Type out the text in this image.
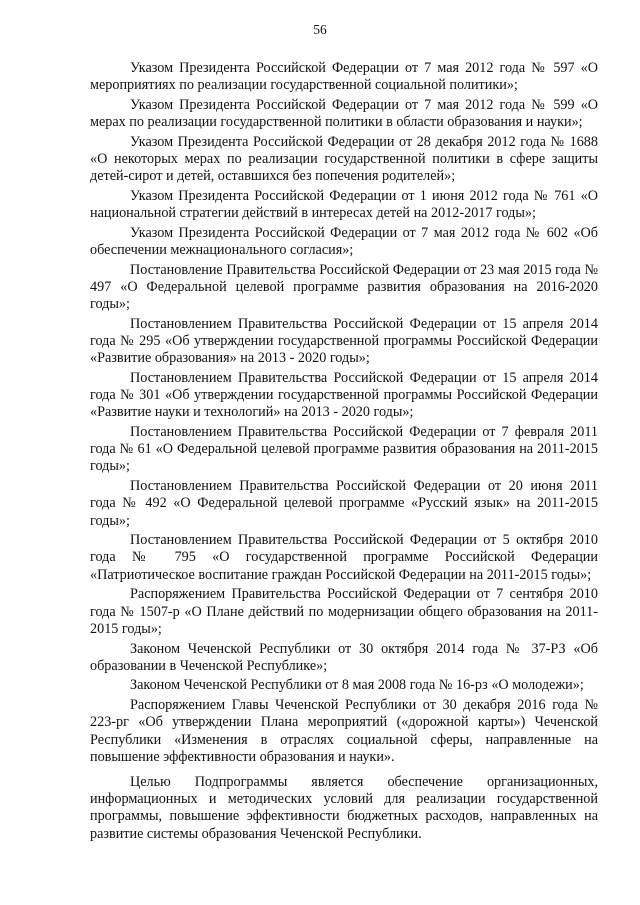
56

Указом Президента Российской Федерации от 7 мая 2012 года № 597 «О мероприятиях по реализации государственной социальной политики»;

Указом Президента Российской Федерации от 7 мая 2012 года № 599 «О мерах по реализации государственной политики в области образования и науки»;

Указом Президента Российской Федерации от 28 декабря 2012 года № 1688 «О некоторых мерах по реализации государственной политики в сфере защиты детей-сирот и детей, оставшихся без попечения родителей»;

Указом Президента Российской Федерации от 1 июня 2012 года № 761 «О национальной стратегии действий в интересах детей на 2012-2017 годы»;

Указом Президента Российской Федерации от 7 мая 2012 года № 602 «Об обеспечении межнационального согласия»;

Постановление Правительства Российской Федерации от 23 мая 2015 года № 497 «О Федеральной целевой программе развития образования на 2016-2020 годы»;

Постановлением Правительства Российской Федерации от 15 апреля 2014 года № 295 «Об утверждении государственной программы Российской Федерации «Развитие образования» на 2013 - 2020 годы»;

Постановлением Правительства Российской Федерации от 15 апреля 2014 года № 301 «Об утверждении государственной программы Российской Федерации «Развитие науки и технологий» на 2013 - 2020 годы»;

Постановлением Правительства Российской Федерации от 7 февраля 2011 года № 61 «О Федеральной целевой программе развития образования на 2011-2015 годы»;

Постановлением Правительства Российской Федерации от 20 июня 2011 года № 492 «О Федеральной целевой программе «Русский язык» на 2011-2015 годы»;

Постановлением Правительства Российской Федерации от 5 октября 2010 года № 795 «О государственной программе Российской Федерации «Патриотическое воспитание граждан Российской Федерации на 2011-2015 годы»;

Распоряжением Правительства Российской Федерации от 7 сентября 2010 года № 1507-р «О Плане действий по модернизации общего образования на 2011-2015 годы»;

Законом Чеченской Республики от 30 октября 2014 года № 37-РЗ «Об образовании в Чеченской Республике»;

Законом Чеченской Республики от 8 мая 2008 года № 16-рз «О молодежи»;

Распоряжением Главы Чеченской Республики от 30 декабря 2016 года № 223-рг «Об утверждении Плана мероприятий («дорожной карты») Чеченской Республики «Изменения в отраслях социальной сферы, направленные на повышение эффективности образования и науки».

Целью Подпрограммы является обеспечение организационных, информационных и методических условий для реализации государственной программы, повышение эффективности бюджетных расходов, направленных на развитие системы образования Чеченской Республики.
